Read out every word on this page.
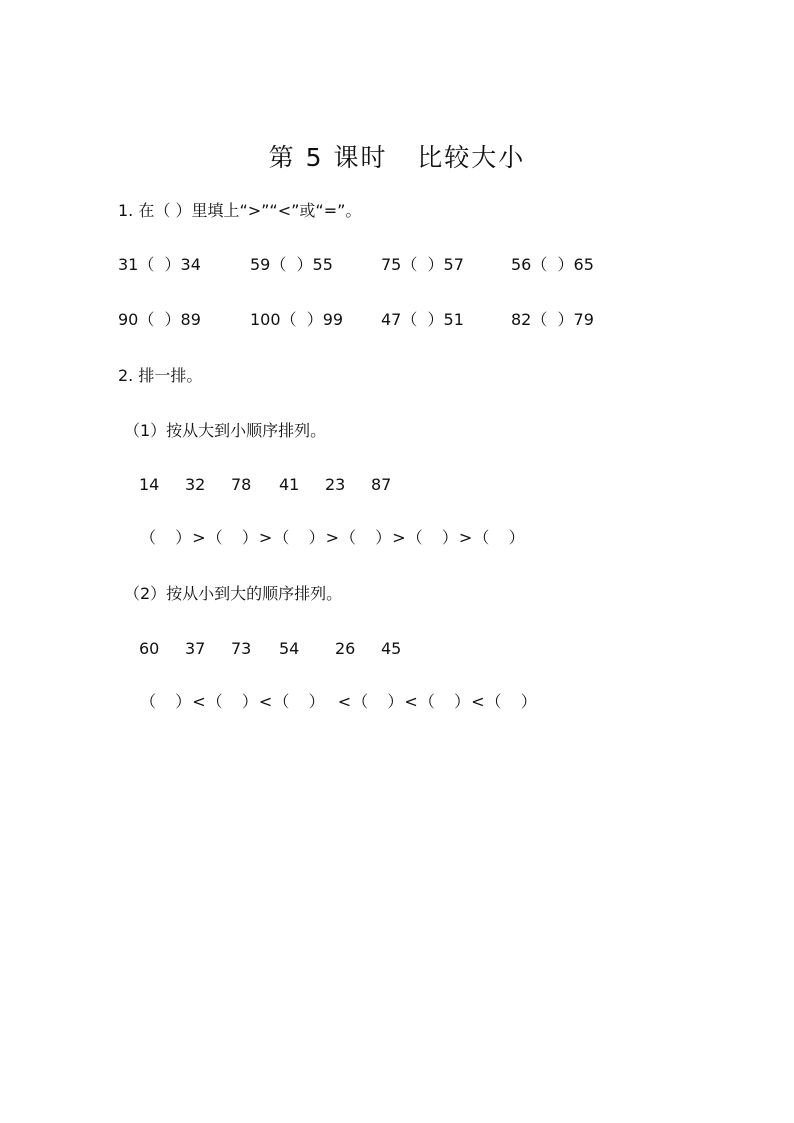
第 5 课时   比较大小
1. 在（ ）里填上“>”“<”或“=”。
31（  ）34	59（  ）55	75（  ）57	56（  ）65
90（  ）89	100（  ）99 47（  ）51	82（  ）79
2. 排一排。
（1）按从大到小顺序排列。
14	32	78	41	23	87
（   ）>（   ）>（   ）>（   ）>（   ）>（   ）
（2）按从小到大的顺序排列。
60	37	73	54	26	45
（   ）<（   ）<（   ）  <（   ）<（   ）<（   ）
